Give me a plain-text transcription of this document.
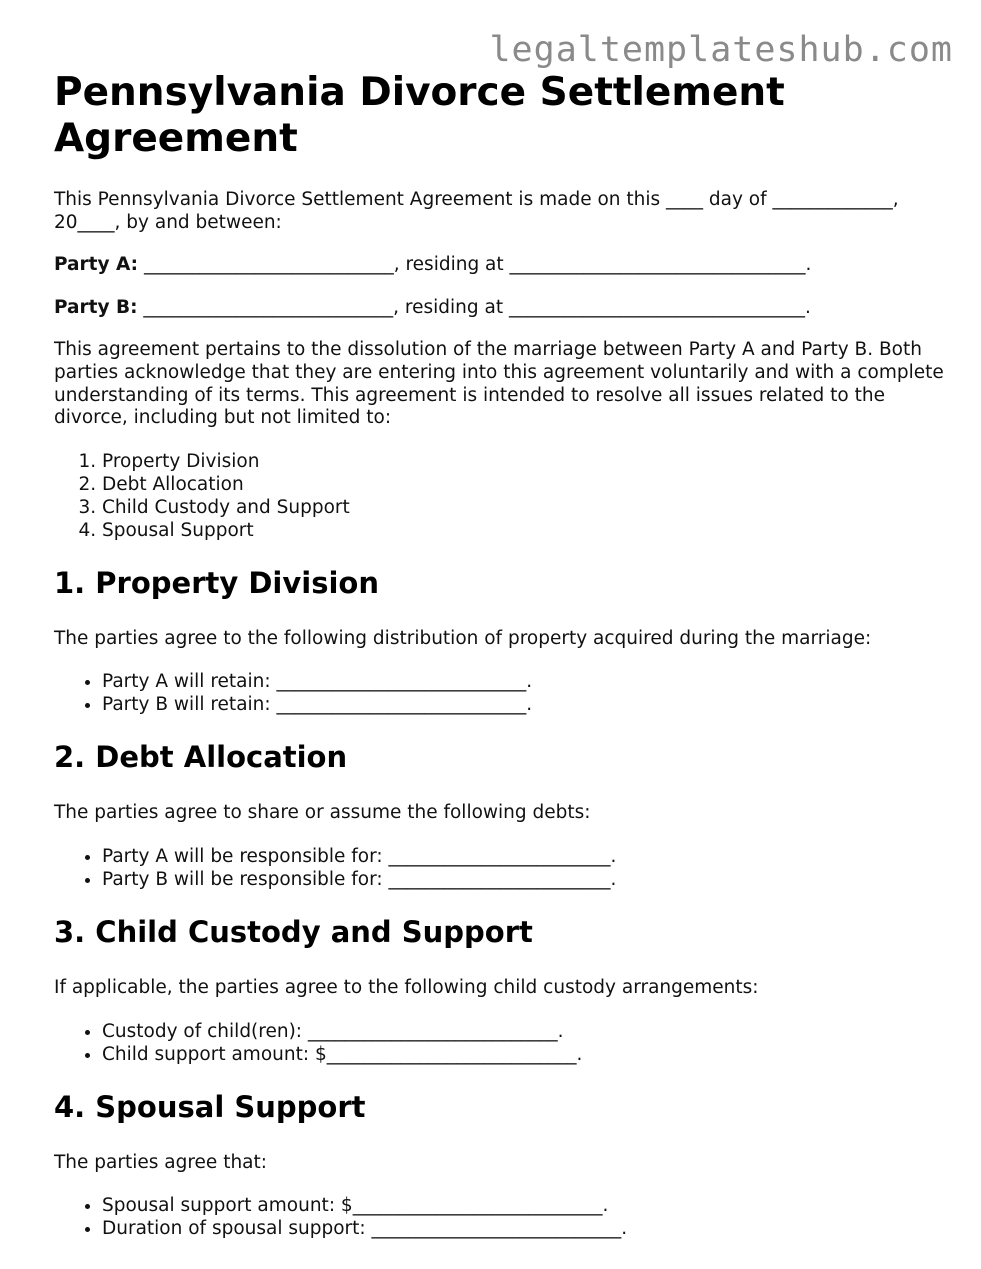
legaltemplateshub.com
Pennsylvania Divorce Settlement Agreement

This Pennsylvania Divorce Settlement Agreement is made on this ____ day of _____________, 20____, by and between:

Party A: ___________________________, residing at ________________________________.

Party B: ___________________________, residing at ________________________________.

This agreement pertains to the dissolution of the marriage between Party A and Party B. Both parties acknowledge that they are entering into this agreement voluntarily and with a complete understanding of its terms. This agreement is intended to resolve all issues related to the divorce, including but not limited to:

1. Property Division
2. Debt Allocation
3. Child Custody and Support
4. Spousal Support
1. Property Division

The parties agree to the following distribution of property acquired during the marriage:

• Party A will retain: ___________________________.
• Party B will retain: ___________________________.
2. Debt Allocation

The parties agree to share or assume the following debts:

• Party A will be responsible for: ________________________.
• Party B will be responsible for: ________________________.
3. Child Custody and Support

If applicable, the parties agree to the following child custody arrangements:

• Custody of child(ren): ___________________________.
• Child support amount: $___________________________.
4. Spousal Support

The parties agree that:

• Spousal support amount: $___________________________.
• Duration of spousal support: ___________________________.
